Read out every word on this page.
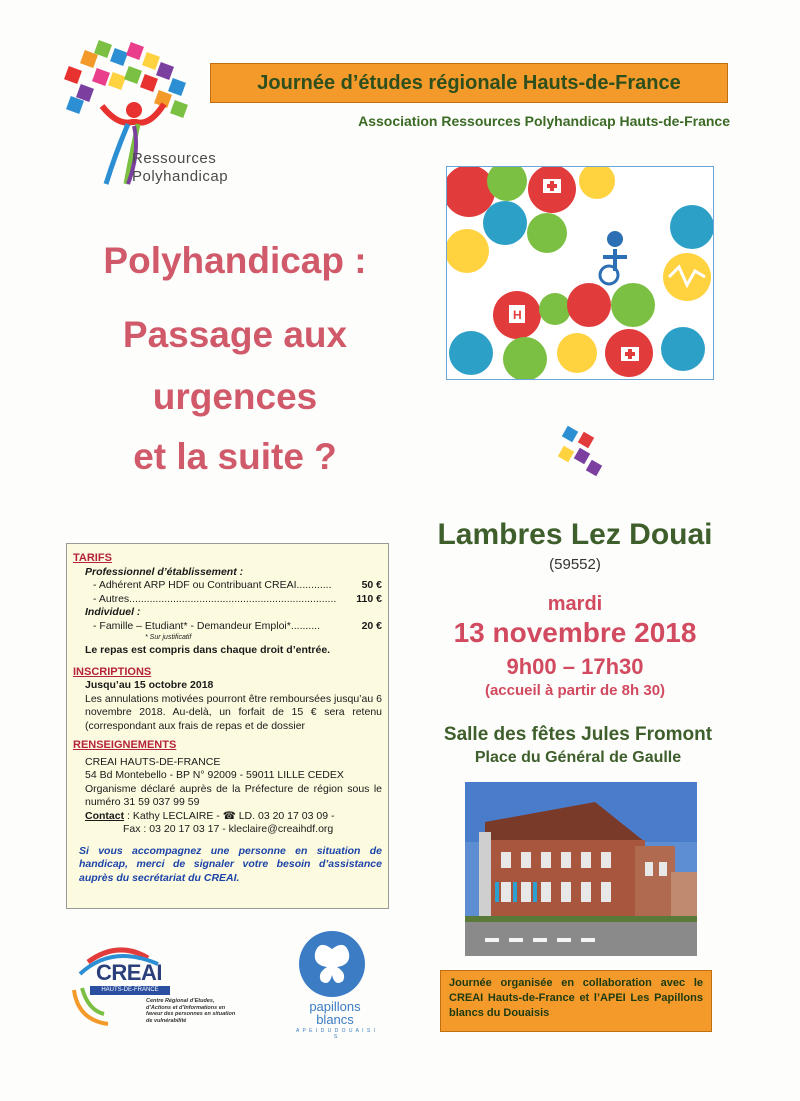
Ressources
Polyhandicap
Journée d’études régionale Hauts-de-France
Association Ressources Polyhandicap Hauts-de-France
Polyhandicap :
Passage aux
urgences
et la suite ?
H
Lambres Lez Douai
(59552)
mardi
13 novembre 2018
9h00 – 17h30
(accueil à partir de 8h 30)
Salle des fêtes Jules Fromont
Place du Général de Gaulle
TARIFS
Professionnel d’établissement :
- Adhérent ARP HDF ou Contribuant CREAI............	50 €
- Autres....................................................................... 110 €
Individuel :
- Famille – Etudiant* - Demandeur Emploi*..........	20 €
* Sur justificatif
Le repas est compris dans chaque droit d’entrée.
INSCRIPTIONS
Jusqu’au 15 octobre 2018
Les annulations motivées pourront être remboursées jusqu’au 6 novembre 2018. Au-delà, un forfait de 15 € sera retenu (correspondant aux frais de repas et de dossier
RENSEIGNEMENTS
CREAI HAUTS-DE-FRANCE
54 Bd Montebello - BP N° 92009 - 59011 LILLE CEDEX
Organisme déclaré auprès de la Préfecture de région sous le numéro 31 59 037 99 59
Contact : Kathy LECLAIRE - ☎ LD. 03 20 17 03 09 -
Fax : 03 20 17 03 17 - kleclaire@creaihdf.org
Si vous accompagnez une personne en situation de handicap, merci de signaler votre besoin d’assistance auprès du secrétariat du CREAI.
Journée organisée en collaboration avec le CREAI Hauts-de-France et l’APEI Les Papillons blancs du Douaisis
CREAI
HAUTS-DE-FRANCE
Centre Régional d’Etudes, d’Actions et d’Informations en faveur des personnes en situation de vulnérabilité
papillons
blancs
A P E I D U D O U A I S I S
